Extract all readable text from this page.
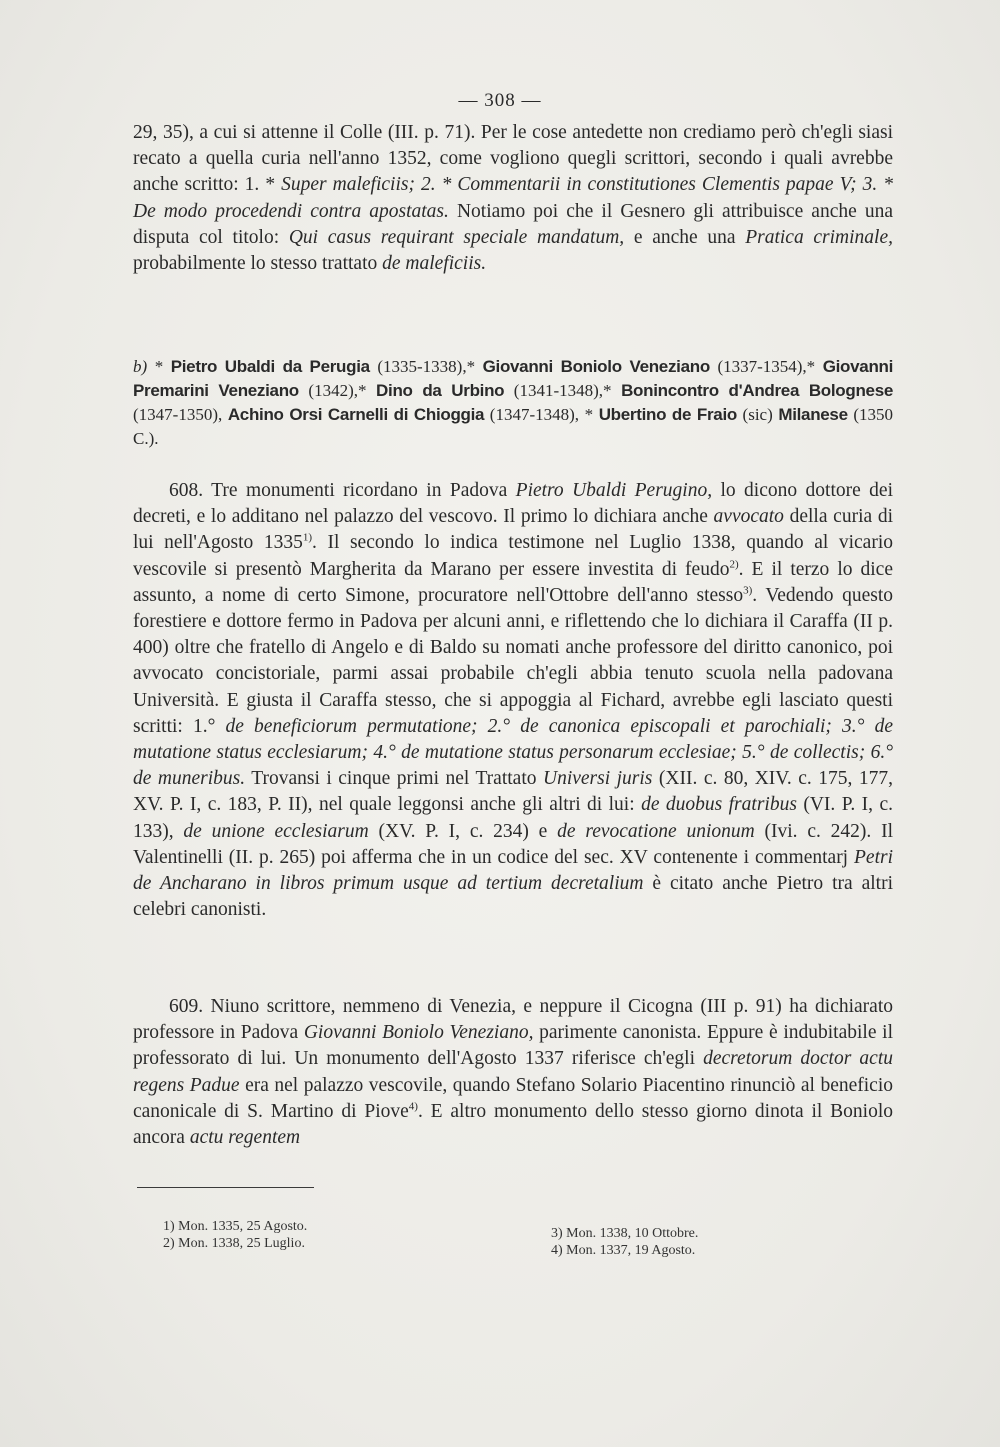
— 308 —
29, 35), a cui si attenne il Colle (III. p. 71). Per le cose antedette non crediamo però ch'egli siasi recato a quella curia nell'anno 1352, come vogliono quegli scrittori, secondo i quali avrebbe anche scritto: 1. * Super maleficiis; 2. * Commentarii in constitutiones Clementis papae V; 3. * De modo procedendi contra apostatas. Notiamo poi che il Gesnero gli attribuisce anche una disputa col titolo: Qui casus requirant speciale mandatum, e anche una Pratica criminale, probabilmente lo stesso trattato de maleficiis.
b) * Pietro Ubaldi da Perugia (1335-1338),* Giovanni Boniolo Veneziano (1337-1354),* Giovanni Premarini Veneziano (1342),* Dino da Urbino (1341-1348),* Bonincontro d'Andrea Bolognese (1347-1350), Achino Orsi Carnelli di Chioggia (1347-1348), * Ubertino de Fraio (sic) Milanese (1350 C.).
608. Tre monumenti ricordano in Padova Pietro Ubaldi Perugino, lo dicono dottore dei decreti, e lo additano nel palazzo del vescovo. Il primo lo dichiara anche avvocato della curia di lui nell'Agosto 1335$^{1)}$. Il secondo lo indica testimone nel Luglio 1338, quando al vicario vescovile si presentò Margherita da Marano per essere investita di feudo$^{2)}$. E il terzo lo dice assunto, a nome di certo Simone, procuratore nell'Ottobre dell'anno stesso$^{3)}$. Vedendo questo forestiere e dottore fermo in Padova per alcuni anni, e riflettendo che lo dichiara il Caraffa (II p. 400) oltre che fratello di Angelo e di Baldo su nomati anche professore del diritto canonico, poi avvocato concistoriale, parmi assai probabile ch'egli abbia tenuto scuola nella padovana Università. E giusta il Caraffa stesso, che si appoggia al Fichard, avrebbe egli lasciato questi scritti: 1.° de beneficiorum permutatione; 2.° de canonica episcopali et parochiali; 3.° de mutatione status ecclesiarum; 4.° de mutatione status personarum ecclesiae; 5.° de collectis; 6.° de muneribus. Trovansi i cinque primi nel Trattato Universi juris (XII. c. 80, XIV. c. 175, 177, XV. P. I, c. 183, P. II), nel quale leggonsi anche gli altri di lui: de duobus fratribus (VI. P. I, c. 133), de unione ecclesiarum (XV. P. I, c. 234) e de revocatione unionum (Ivi. c. 242). Il Valentinelli (II. p. 265) poi afferma che in un codice del sec. XV contenente i commentarj Petri de Ancharano in libros primum usque ad tertium decretalium è citato anche Pietro tra altri celebri canonisti.
609. Niuno scrittore, nemmeno di Venezia, e neppure il Cicogna (III p. 91) ha dichiarato professore in Padova Giovanni Boniolo Veneziano, parimente canonista. Eppure è indubitabile il professorato di lui. Un monumento dell'Agosto 1337 riferisce ch'egli decretorum doctor actu regens Padue era nel palazzo vescovile, quando Stefano Solario Piacentino rinunciò al beneficio canonicale di S. Martino di Piove$^{4)}$. E altro monumento dello stesso giorno dinota il Boniolo ancora actu regentem
1) Mon. 1335, 25 Agosto.
2) Mon. 1338, 25 Luglio.
3) Mon. 1338, 10 Ottobre.
4) Mon. 1337, 19 Agosto.
